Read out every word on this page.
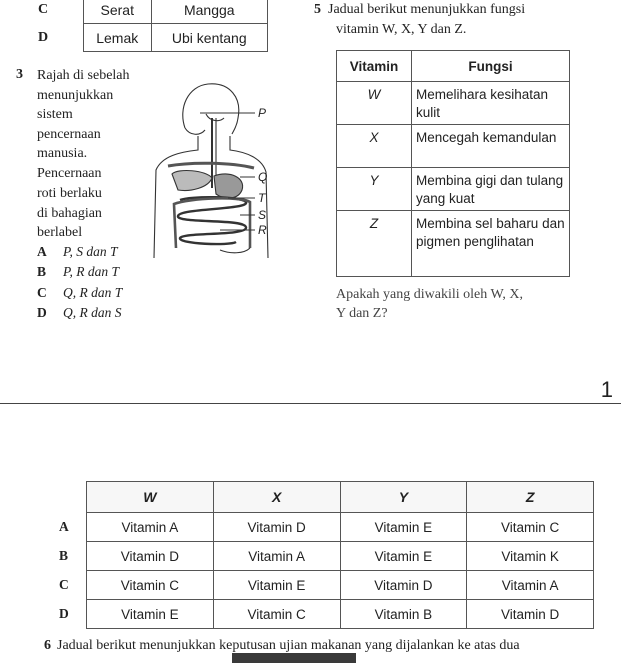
C	Serat	Mangga
D	Lemak	Ubi kentang
3 Rajah di sebelah
menunjukkan
sistem
pencernaan
manusia.
Pencernaan
roti berlaku
di bahagian
berlabel
A P, S dan T
B P, R dan T
C Q, R dan T
D Q, R dan S
P
Q
T
S
R
5 Jadual berikut menunjukkan fungsi
vitamin W, X, Y dan Z.
Vitamin	Fungsi
W	Memelihara kesihatan kulit
X	Mencegah kemandulan
Y	Membina gigi dan tulang yang kuat
Z	Membina sel baharu dan pigmen penglihatan
Apakah yang diwakili oleh W, X,
Y dan Z?
1
	W	X	Y	Z
A	Vitamin A	Vitamin D	Vitamin E	Vitamin C
B	Vitamin D	Vitamin A	Vitamin E	Vitamin K
C	Vitamin C	Vitamin E	Vitamin D	Vitamin A
D	Vitamin E	Vitamin C	Vitamin B	Vitamin D
6 Jadual berikut menunjukkan keputusan ujian makanan yang dijalankan ke atas dua
